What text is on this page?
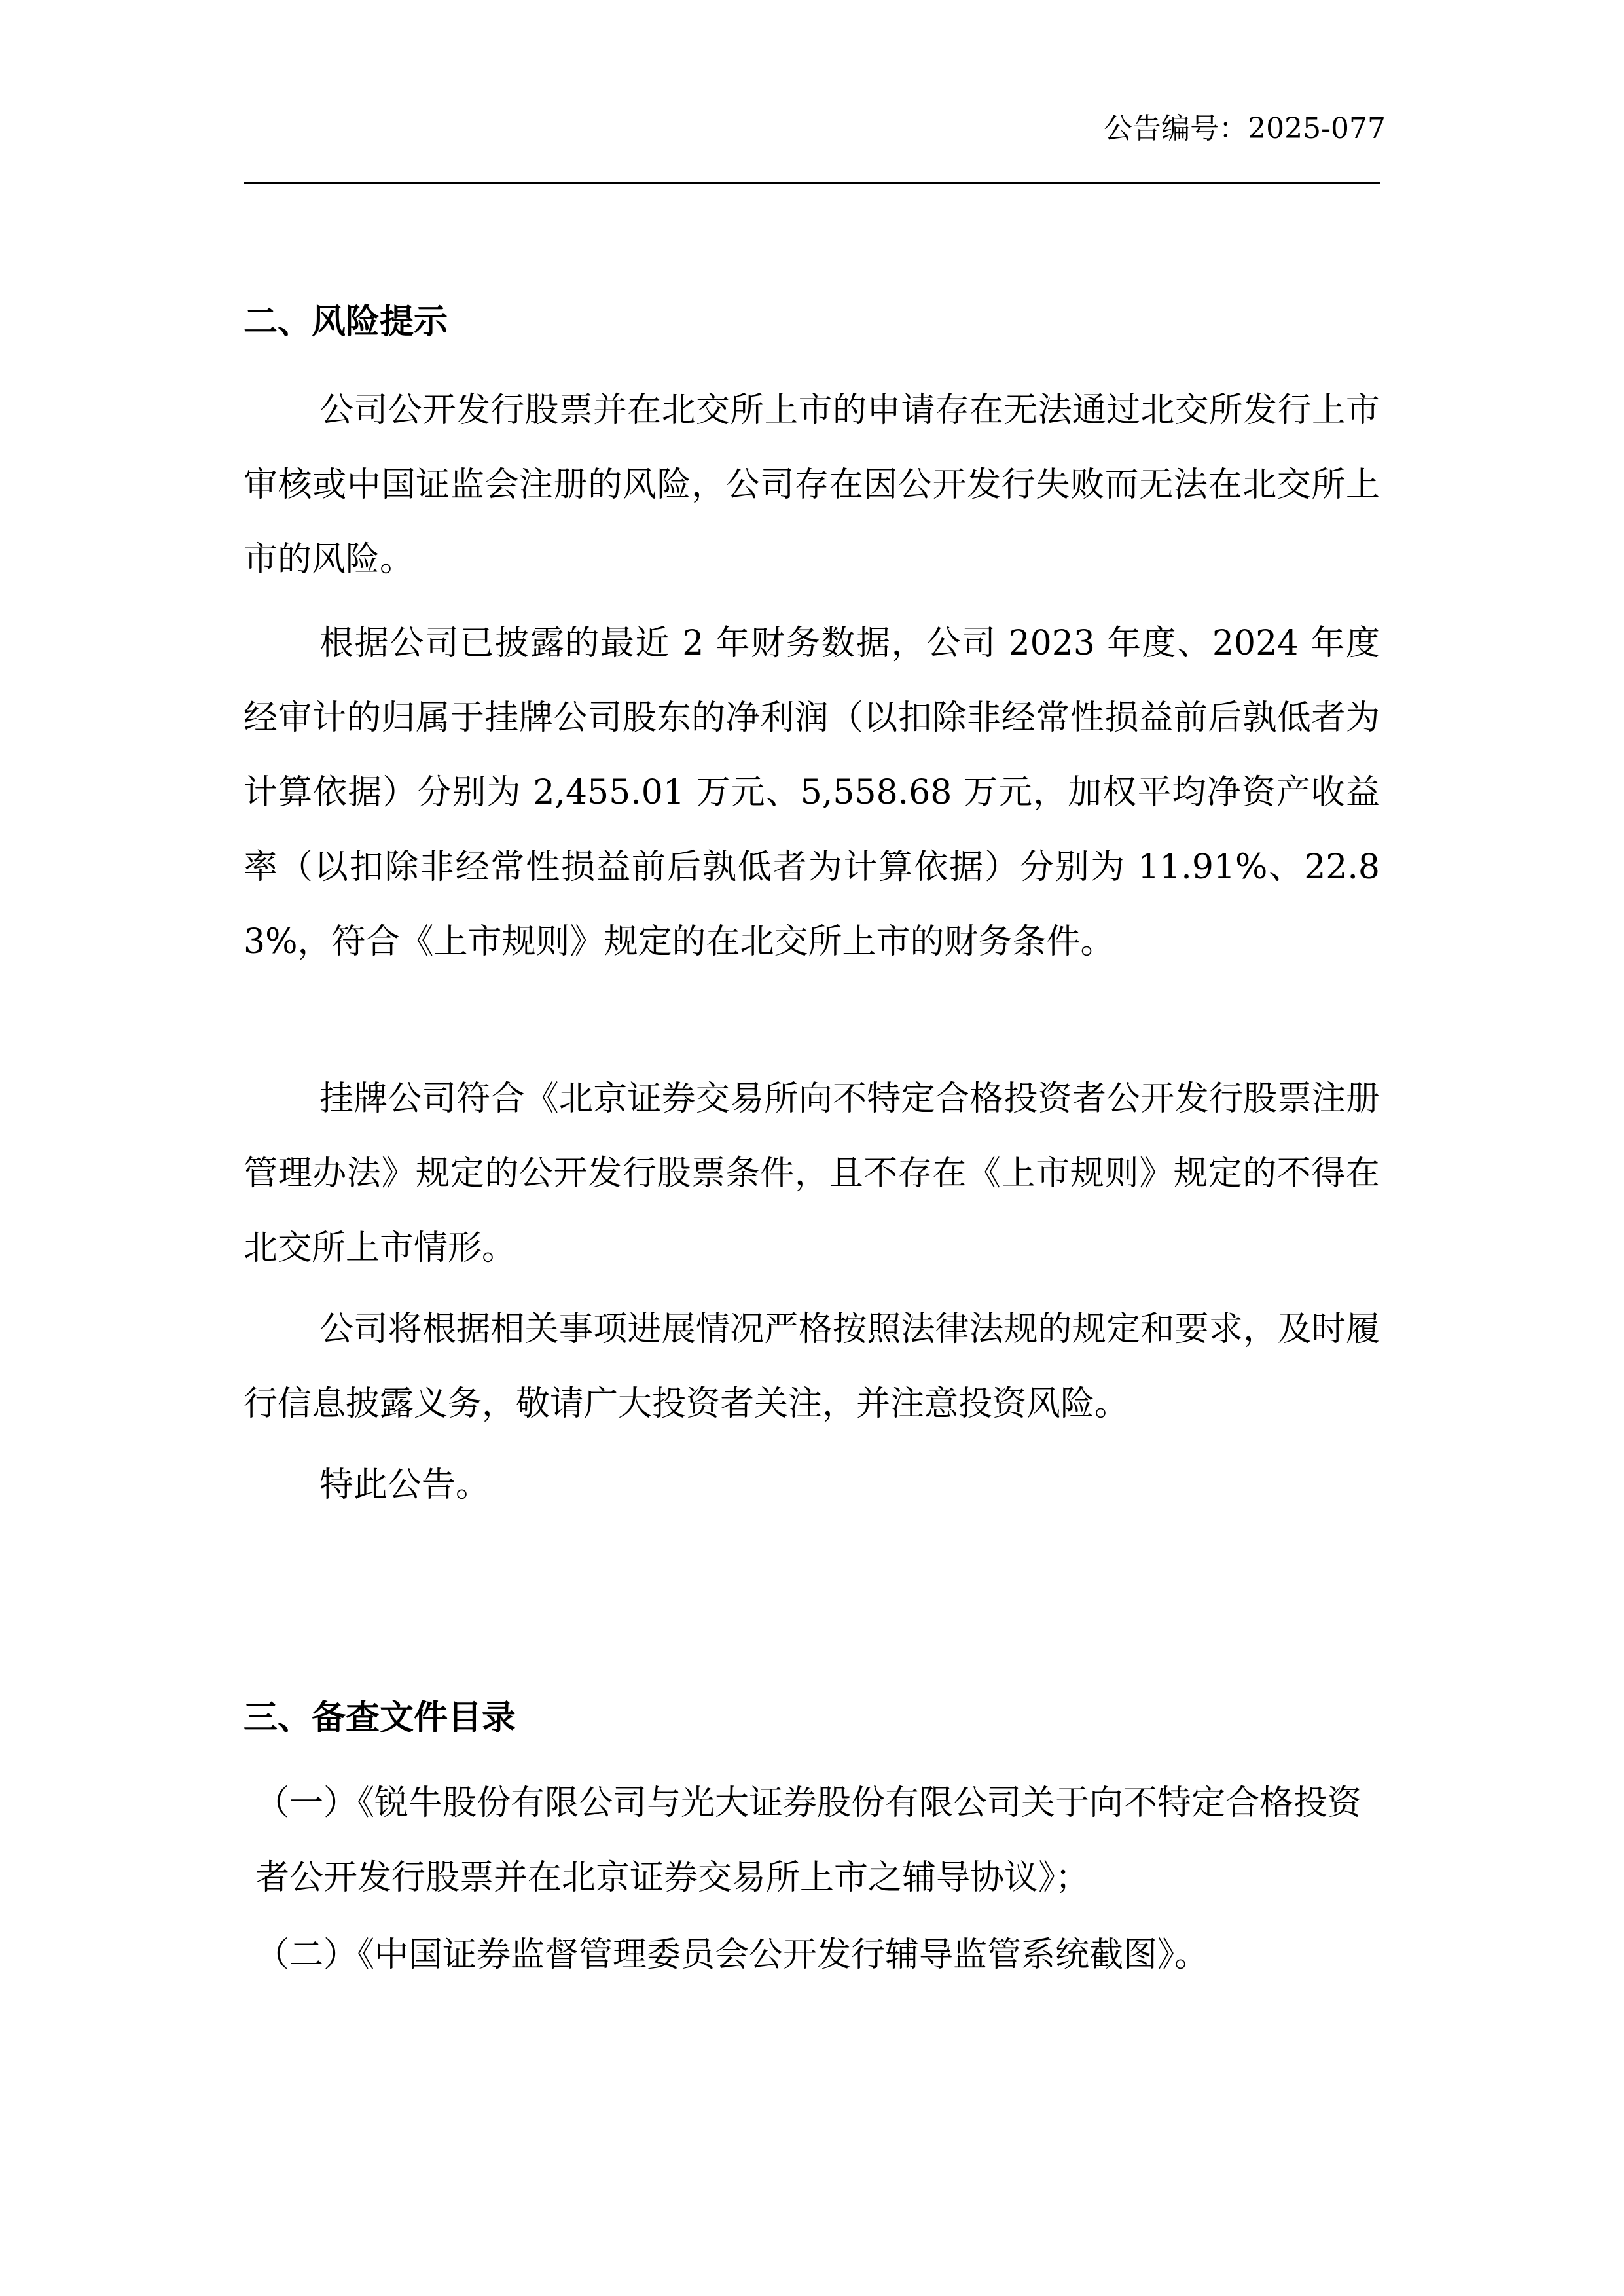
公告编号：2025-077
二、风险提示

公司公开发行股票并在北交所上市的申请存在无法通过北交所发行上市审核或中国证监会注册的风险，公司存在因公开发行失败而无法在北交所上市的风险。

根据公司已披露的最近 2 年财务数据，公司 2023 年度、2024 年度经审计的归属于挂牌公司股东的净利润（以扣除非经常性损益前后孰低者为计算依据）分别为 2,455.01 万元、5,558.68 万元，加权平均净资产收益率（以扣除非经常性损益前后孰低者为计算依据）分别为 11.91%、22.83%，符合《上市规则》规定的在北交所上市的财务条件。

挂牌公司符合《北京证券交易所向不特定合格投资者公开发行股票注册管理办法》规定的公开发行股票条件，且不存在《上市规则》规定的不得在北交所上市情形。

公司将根据相关事项进展情况严格按照法律法规的规定和要求，及时履行信息披露义务，敬请广大投资者关注，并注意投资风险。

特此公告。

三、备查文件目录

（一）《锐牛股份有限公司与光大证券股份有限公司关于向不特定合格投资者公开发行股票并在北京证券交易所上市之辅导协议》；

（二）《中国证券监督管理委员会公开发行辅导监管系统截图》。
